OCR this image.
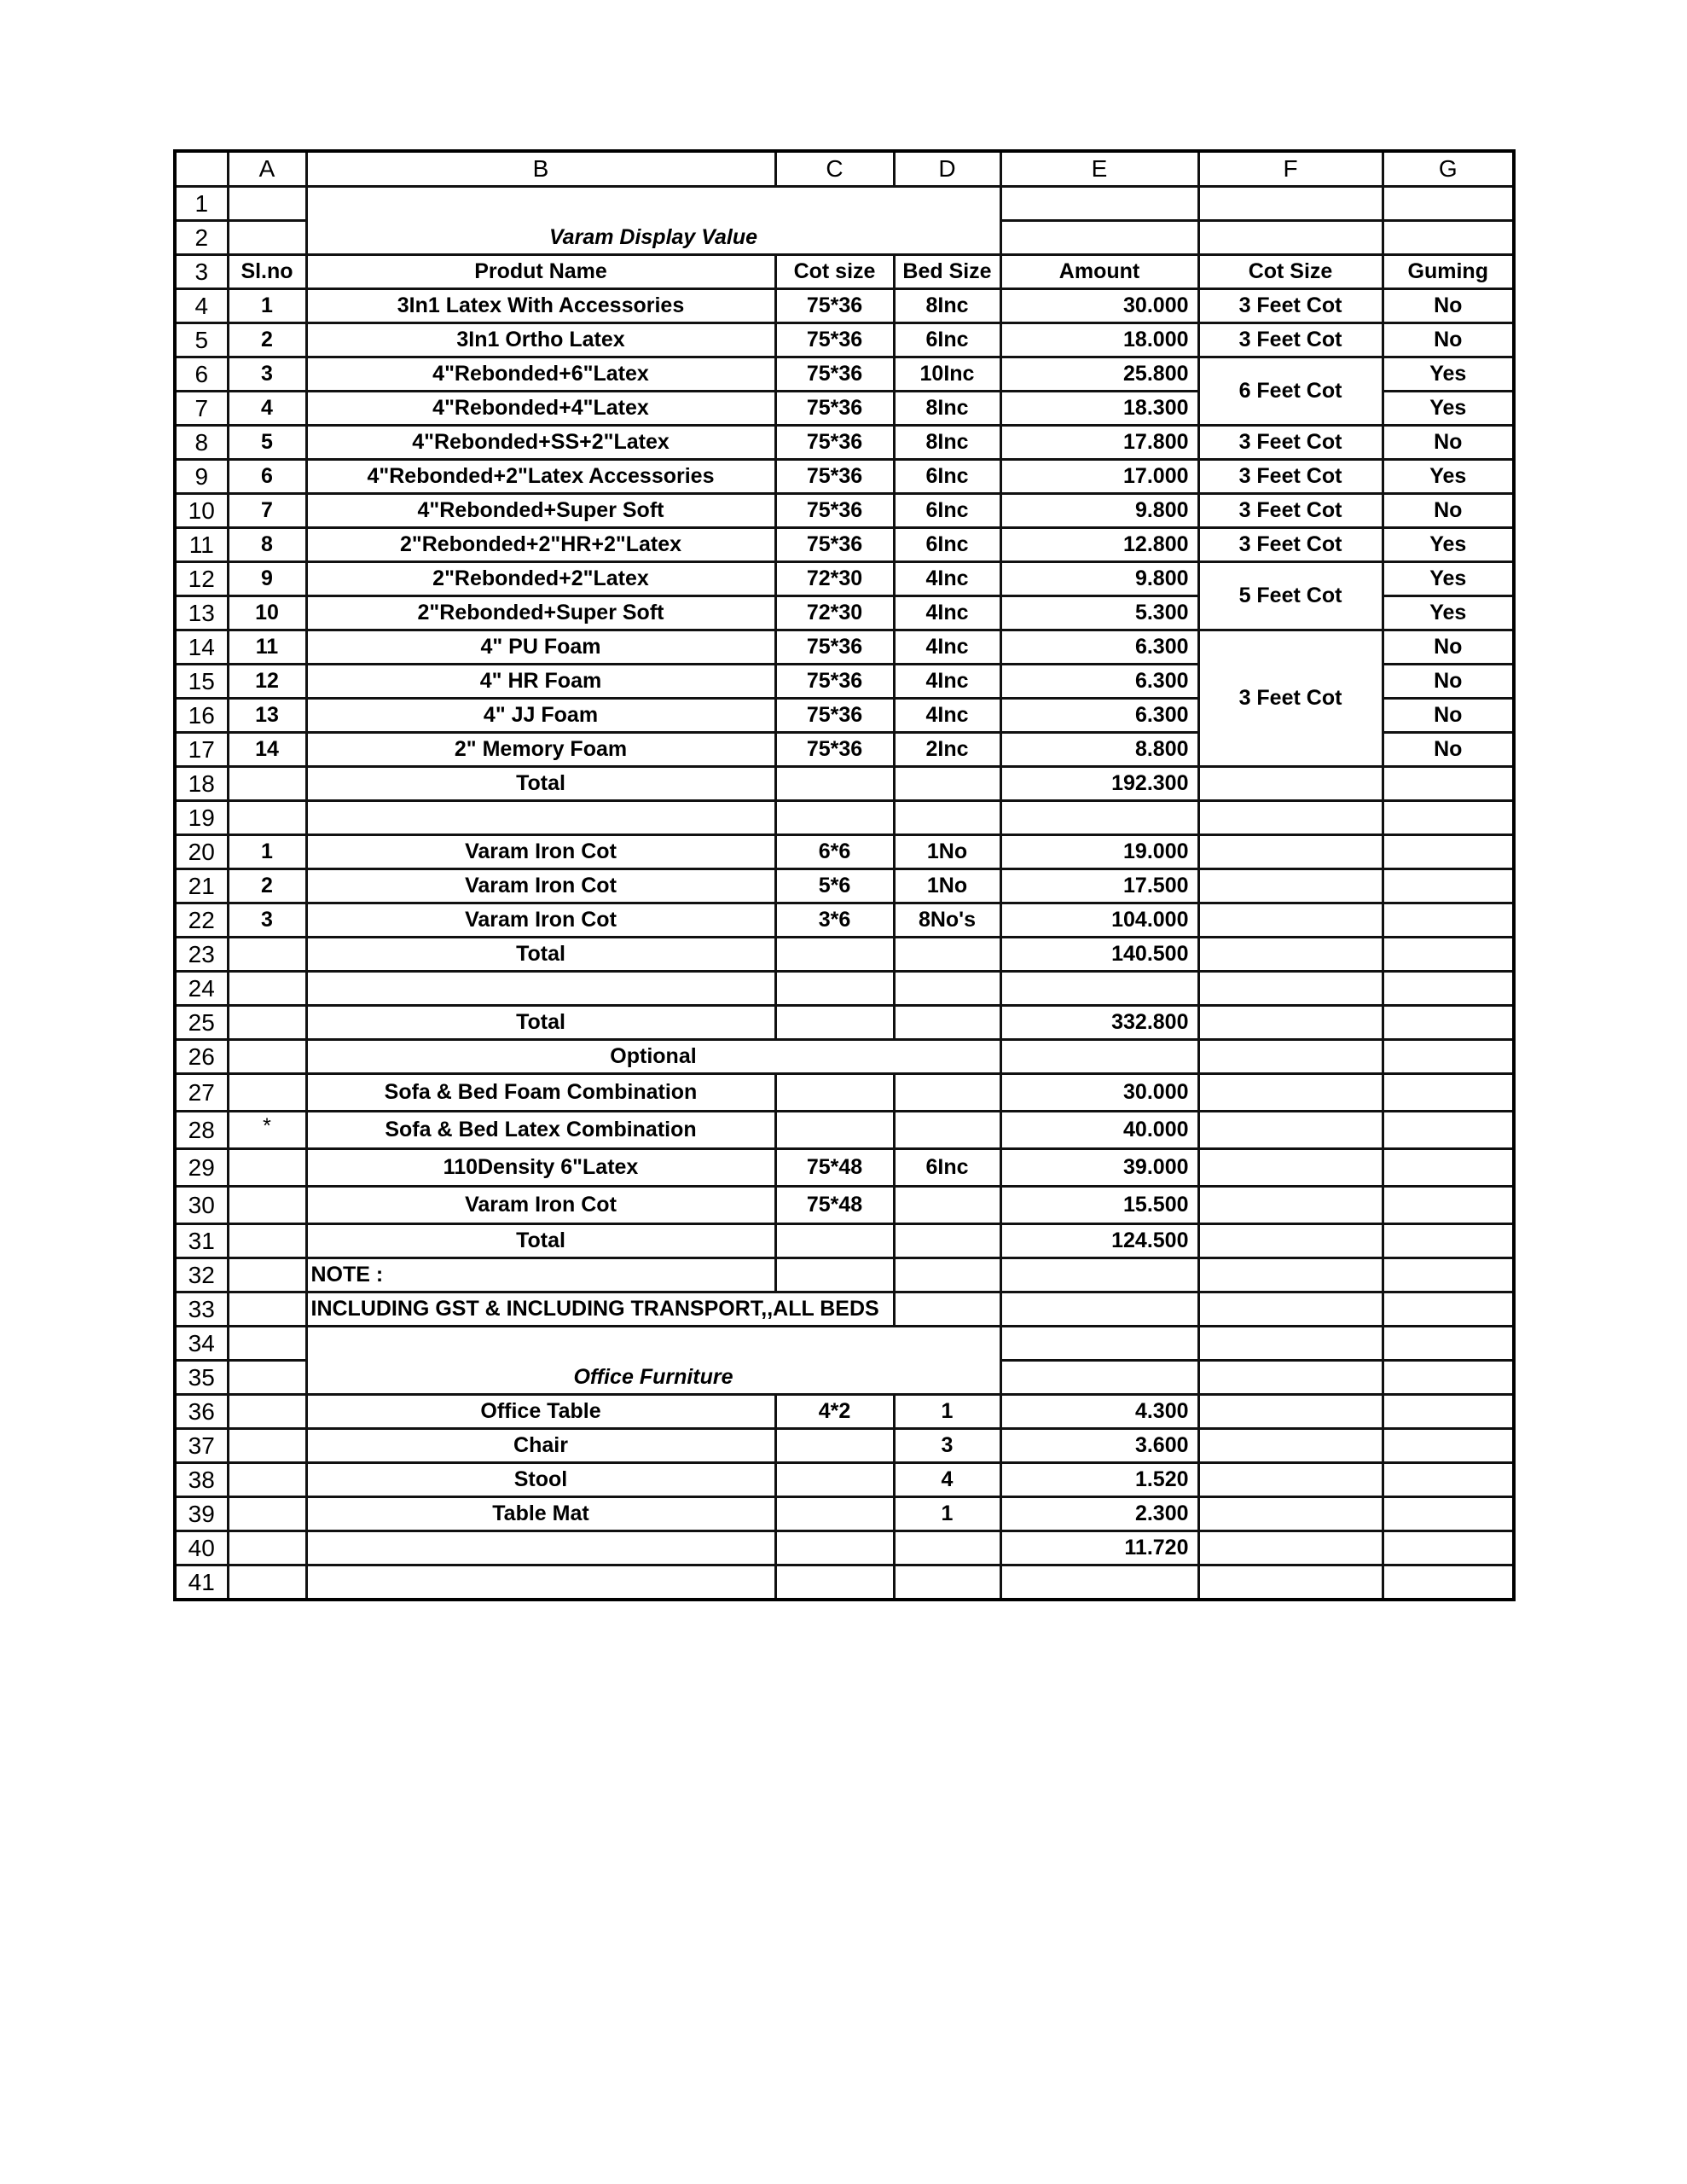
	A	B	C	D	E	F	G
1		Varam Display Value					
2							
3	Sl.no	Produt Name	Cot size	Bed Size	Amount	Cot Size	Guming
4	1	3In1 Latex With Accessories	75*36	8Inc	30.000	3 Feet Cot	No
5	2	3In1 Ortho Latex	75*36	6Inc	18.000	3 Feet Cot	No
6	3	4"Rebonded+6"Latex	75*36	10Inc	25.800	6 Feet Cot	Yes
7	4	4"Rebonded+4"Latex	75*36	8Inc	18.300		Yes
8	5	4"Rebonded+SS+2"Latex	75*36	8Inc	17.800	3 Feet Cot	No
9	6	4"Rebonded+2"Latex Accessories	75*36	6Inc	17.000	3 Feet Cot	Yes
10	7	4"Rebonded+Super Soft	75*36	6Inc	9.800	3 Feet Cot	No
11	8	2"Rebonded+2"HR+2"Latex	75*36	6Inc	12.800	3 Feet Cot	Yes
12	9	2"Rebonded+2"Latex	72*30	4Inc	9.800	5 Feet Cot	Yes
13	10	2"Rebonded+Super Soft	72*30	4Inc	5.300		Yes
14	11	4" PU Foam	75*36	4Inc	6.300	3 Feet Cot	No
15	12	4" HR Foam	75*36	4Inc	6.300		No
16	13	4" JJ Foam	75*36	4Inc	6.300		No
17	14	2" Memory Foam	75*36	2Inc	8.800		No
18		Total			192.300		
19							
20	1	Varam Iron Cot	6*6	1No	19.000		
21	2	Varam Iron Cot	5*6	1No	17.500		
22	3	Varam Iron Cot	3*6	8No's	104.000		
23		Total			140.500		
24							
25		Total			332.800		
26		Optional					
27		Sofa & Bed Foam Combination			30.000		
28	*	Sofa & Bed Latex Combination			40.000		
29		110Density 6"Latex	75*48	6Inc	39.000		
30		Varam Iron Cot	75*48		15.500		
31		Total			124.500		
32		NOTE :					
33		INCLUDING GST & INCLUDING TRANSPORT,,ALL BEDS					
34		Office Furniture					
35							
36		Office Table	4*2	1	4.300		
37		Chair		3	3.600		
38		Stool		4	1.520		
39		Table Mat		1	2.300		
40					11.720		
41							
